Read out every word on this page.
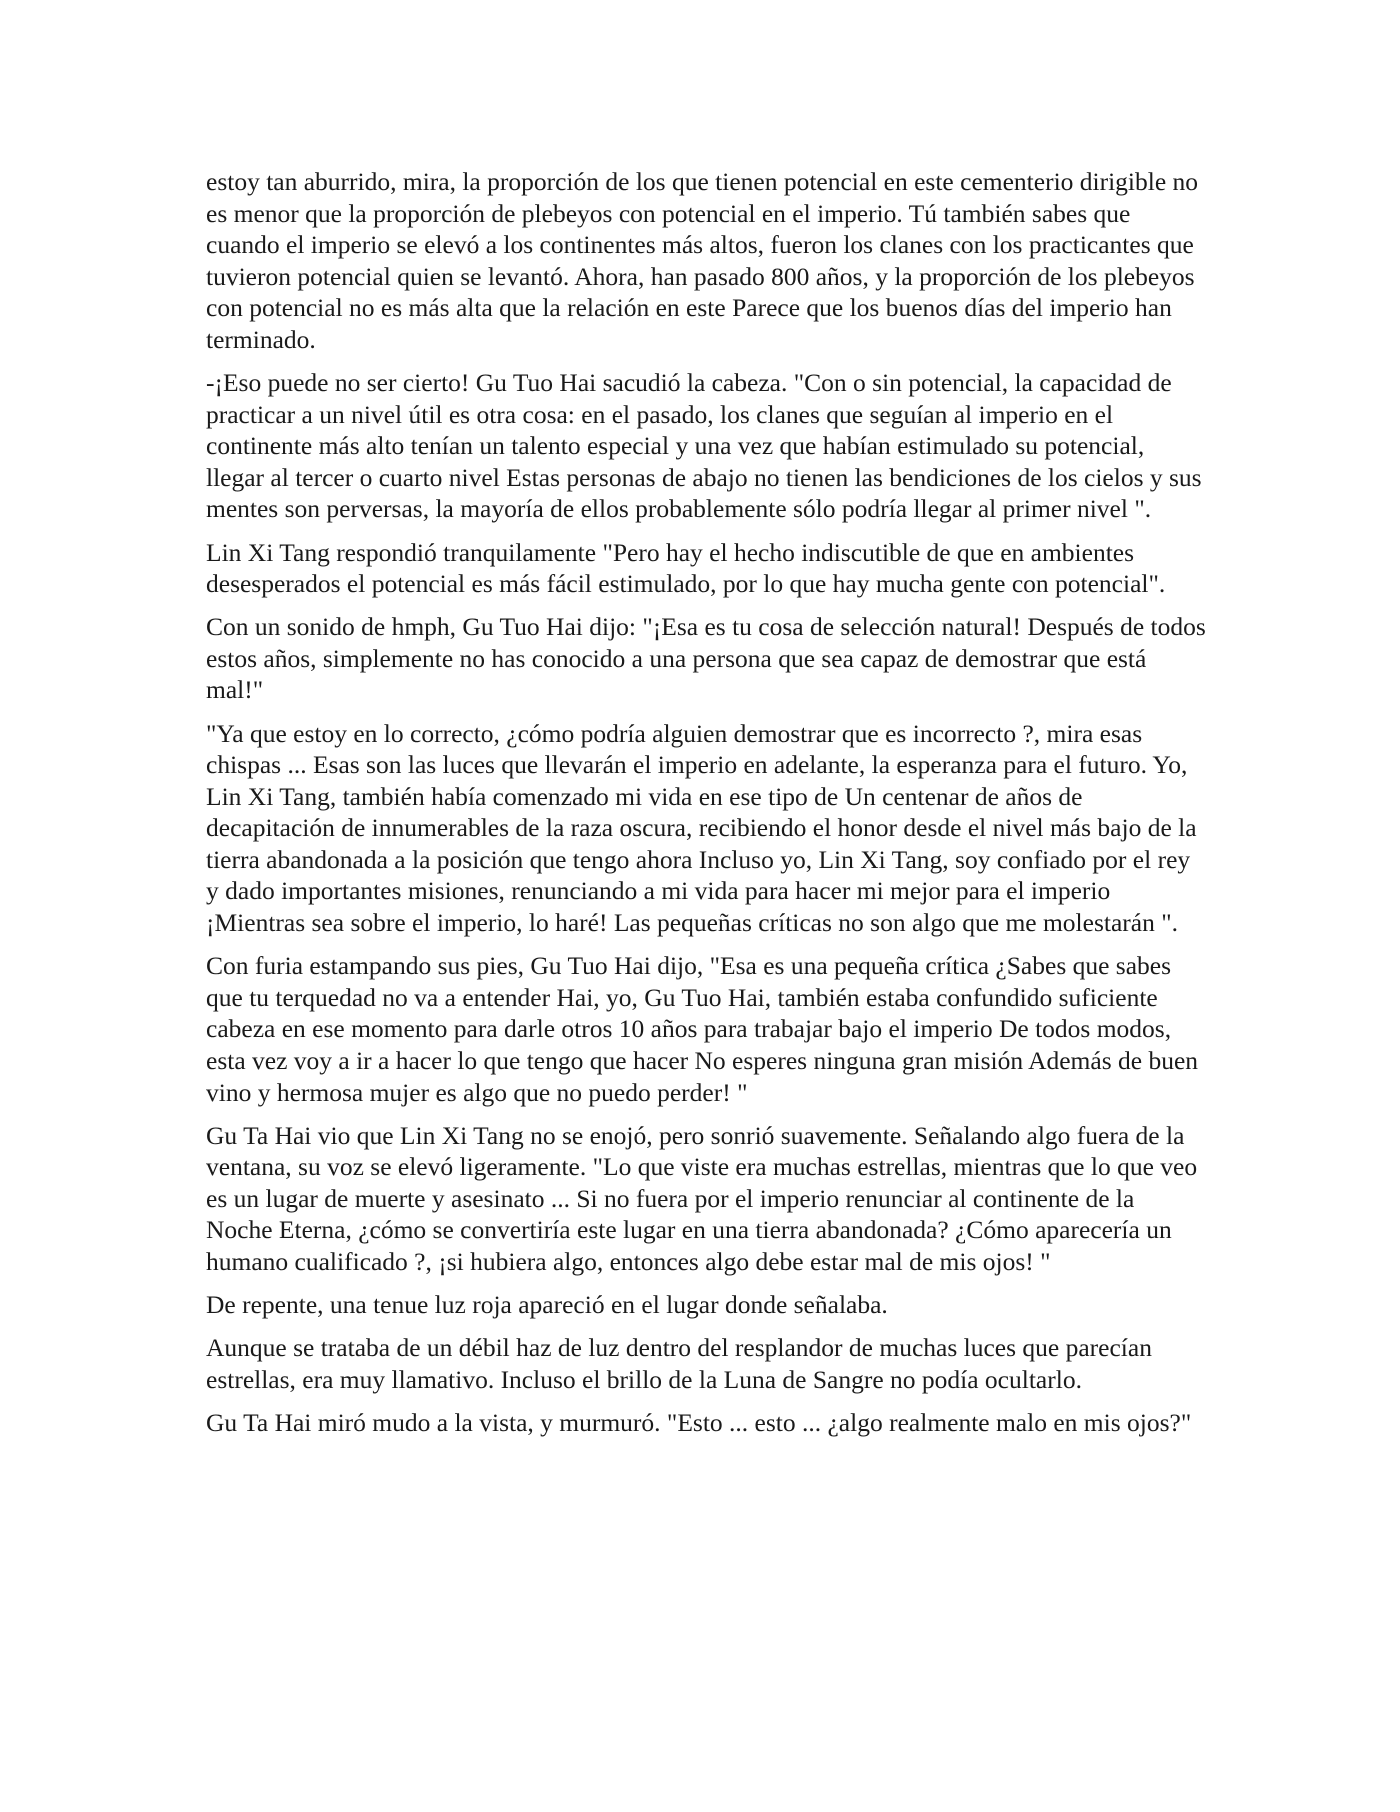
estoy tan aburrido, mira, la proporción de los que tienen potencial en este cementerio dirigible no es menor que la proporción de plebeyos con potencial en el imperio. Tú también sabes que cuando el imperio se elevó a los continentes más altos, fueron los clanes con los practicantes que tuvieron potencial quien se levantó. Ahora, han pasado 800 años, y la proporción de los plebeyos con potencial no es más alta que la relación en este Parece que los buenos días del imperio han terminado.

-¡Eso puede no ser cierto! Gu Tuo Hai sacudió la cabeza. "Con o sin potencial, la capacidad de practicar a un nivel útil es otra cosa: en el pasado, los clanes que seguían al imperio en el continente más alto tenían un talento especial y una vez que habían estimulado su potencial, llegar al tercer o cuarto nivel Estas personas de abajo no tienen las bendiciones de los cielos y sus mentes son perversas, la mayoría de ellos probablemente sólo podría llegar al primer nivel ".

Lin Xi Tang respondió tranquilamente "Pero hay el hecho indiscutible de que en ambientes desesperados el potencial es más fácil estimulado, por lo que hay mucha gente con potencial".

Con un sonido de hmph, Gu Tuo Hai dijo: "¡Esa es tu cosa de selección natural! Después de todos estos años, simplemente no has conocido a una persona que sea capaz de demostrar que está mal!"

"Ya que estoy en lo correcto, ¿cómo podría alguien demostrar que es incorrecto ?, mira esas chispas ... Esas son las luces que llevarán el imperio en adelante, la esperanza para el futuro. Yo, Lin Xi Tang, también había comenzado mi vida en ese tipo de Un centenar de años de decapitación de innumerables de la raza oscura, recibiendo el honor desde el nivel más bajo de la tierra abandonada a la posición que tengo ahora Incluso yo, Lin Xi Tang, soy confiado por el rey y dado importantes misiones, renunciando a mi vida para hacer mi mejor para el imperio ¡Mientras sea sobre el imperio, lo haré! Las pequeñas críticas no son algo que me molestarán ".

Con furia estampando sus pies, Gu Tuo Hai dijo, "Esa es una pequeña crítica ¿Sabes que sabes que tu terquedad no va a entender Hai, yo, Gu Tuo Hai, también estaba confundido suficiente cabeza en ese momento para darle otros 10 años para trabajar bajo el imperio De todos modos, esta vez voy a ir a hacer lo que tengo que hacer No esperes ninguna gran misión Además de buen vino y hermosa mujer es algo que no puedo perder! "

Gu Ta Hai vio que Lin Xi Tang no se enojó, pero sonrió suavemente. Señalando algo fuera de la ventana, su voz se elevó ligeramente. "Lo que viste era muchas estrellas, mientras que lo que veo es un lugar de muerte y asesinato ... Si no fuera por el imperio renunciar al continente de la Noche Eterna, ¿cómo se convertiría este lugar en una tierra abandonada? ¿Cómo aparecería un humano cualificado ?, ¡si hubiera algo, entonces algo debe estar mal de mis ojos! "

De repente, una tenue luz roja apareció en el lugar donde señalaba.

Aunque se trataba de un débil haz de luz dentro del resplandor de muchas luces que parecían estrellas, era muy llamativo. Incluso el brillo de la Luna de Sangre no podía ocultarlo.

Gu Ta Hai miró mudo a la vista, y murmuró. "Esto ... esto ... ¿algo realmente malo en mis ojos?"
